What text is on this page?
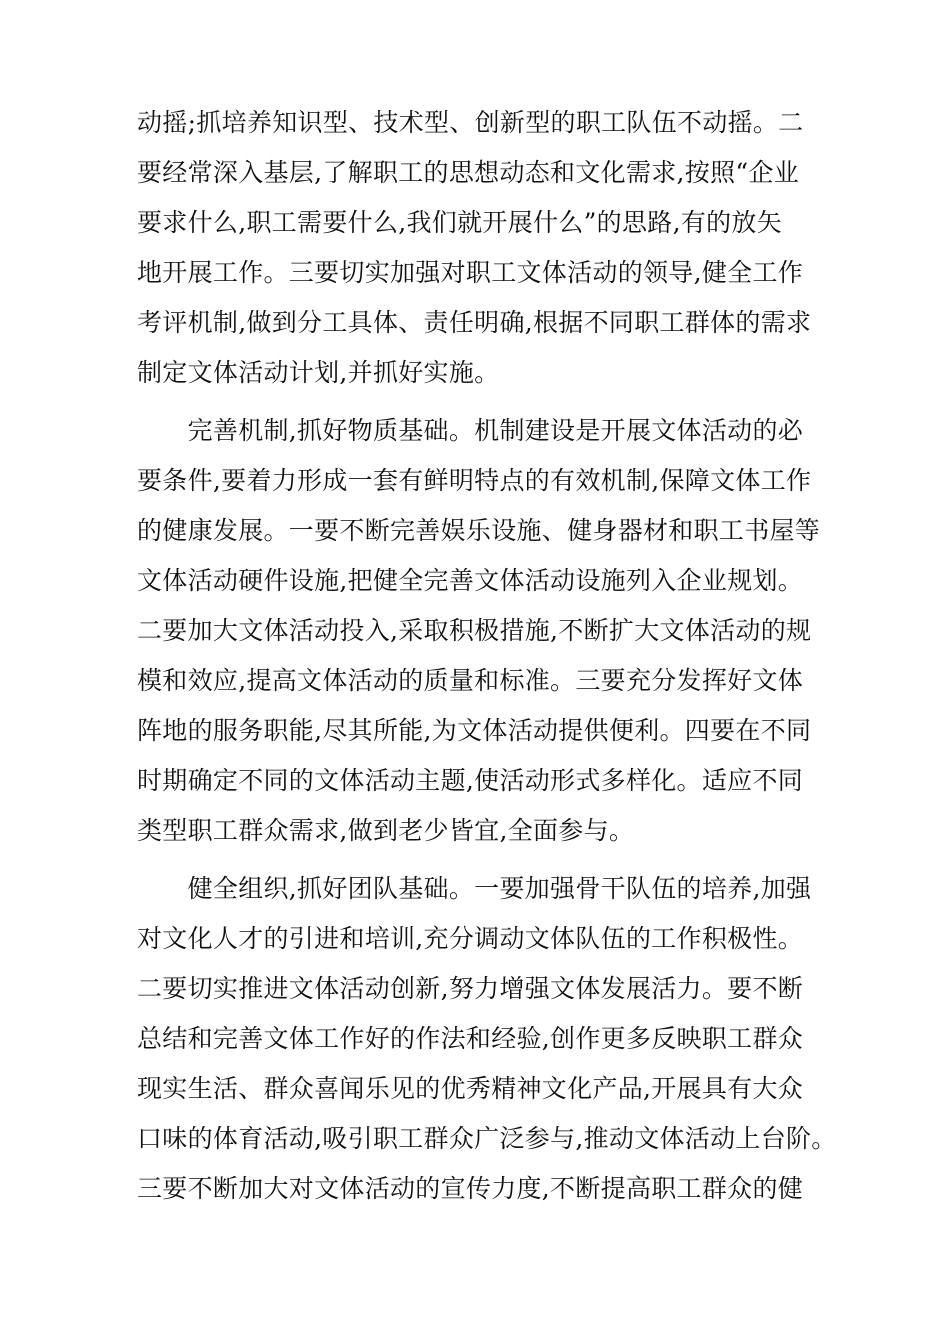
动摇;抓培养知识型、技术型、创新型的职工队伍不动摇。二
要经常深入基层,了解职工的思想动态和文化需求,按照“企业
要求什么,职工需要什么,我们就开展什么”的思路,有的放矢
地开展工作。三要切实加强对职工文体活动的领导,健全工作
考评机制,做到分工具体、责任明确,根据不同职工群体的需求
制定文体活动计划,并抓好实施。
　　完善机制,抓好物质基础。机制建设是开展文体活动的必
要条件,要着力形成一套有鲜明特点的有效机制,保障文体工作
的健康发展。一要不断完善娱乐设施、健身器材和职工书屋等
文体活动硬件设施,把健全完善文体活动设施列入企业规划。
二要加大文体活动投入,采取积极措施,不断扩大文体活动的规
模和效应,提高文体活动的质量和标准。三要充分发挥好文体
阵地的服务职能,尽其所能,为文体活动提供便利。四要在不同
时期确定不同的文体活动主题,使活动形式多样化。适应不同
类型职工群众需求,做到老少皆宜,全面参与。
　　健全组织,抓好团队基础。一要加强骨干队伍的培养,加强
对文化人才的引进和培训,充分调动文体队伍的工作积极性。
二要切实推进文体活动创新,努力增强文体发展活力。要不断
总结和完善文体工作好的作法和经验,创作更多反映职工群众
现实生活、群众喜闻乐见的优秀精神文化产品,开展具有大众
口味的体育活动,吸引职工群众广泛参与,推动文体活动上台阶。
三要不断加大对文体活动的宣传力度,不断提高职工群众的健
